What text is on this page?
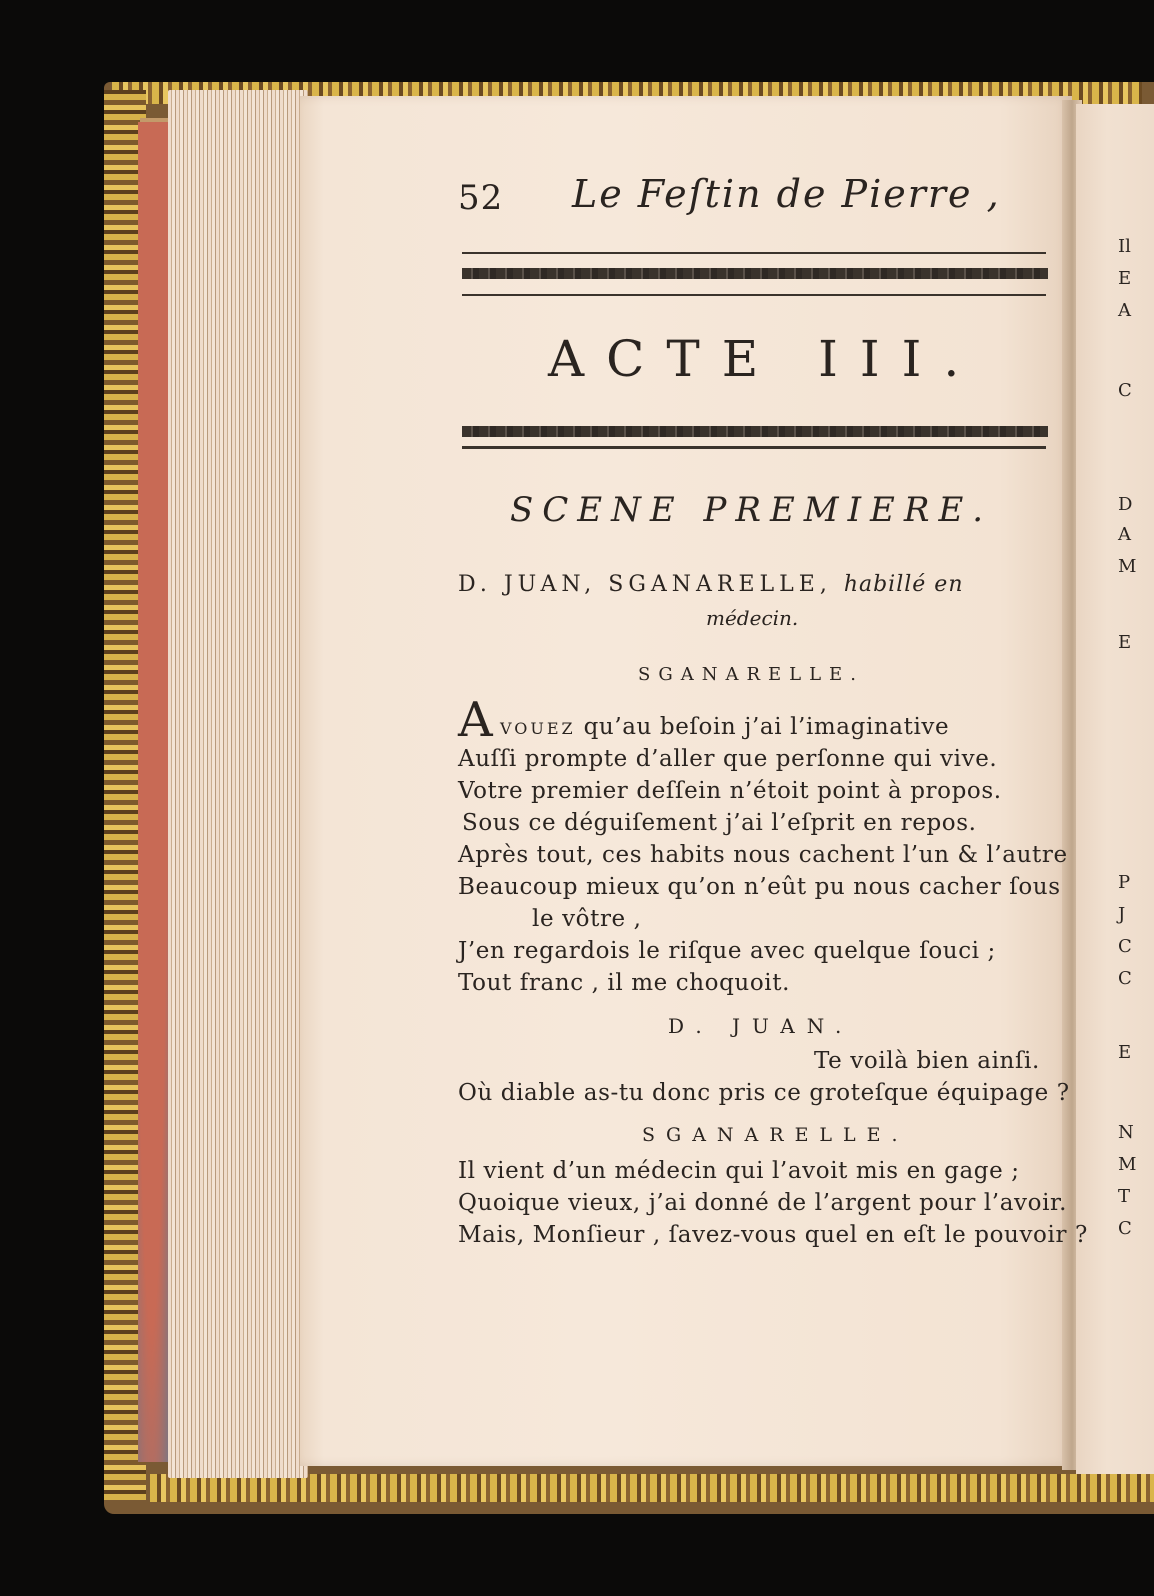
Il
E
A
C
D
A
M
E
P
J
C
C
E
N
M
T
C
52 Le Feſtin de Pierre ,
ACTE III.
SCENE PREMIERE.
D. JUAN, SGANARELLE, habillé en
médecin.
SGANARELLE.
A VOUEZ qu’au beſoin j’ai l’imaginative
Auſſi prompte d’aller que perſonne qui vive.
Votre premier deſſein n’étoit point à propos.
Sous ce déguiſement j’ai l’eſprit en repos.
Après tout, ces habits nous cachent l’un & l’autre
Beaucoup mieux qu’on n’eût pu nous cacher ſous
le vôtre ,
J’en regardois le riſque avec quelque ſouci ;
Tout franc , il me choquoit.
D. JUAN.
Te voilà bien ainſi.
Où diable as-tu donc pris ce groteſque équipage ?
SGANARELLE.
Il vient d’un médecin qui l’avoit mis en gage ;
Quoique vieux, j’ai donné de l’argent pour l’avoir.
Mais, Monſieur , ſavez-vous quel en eſt le pouvoir ?
